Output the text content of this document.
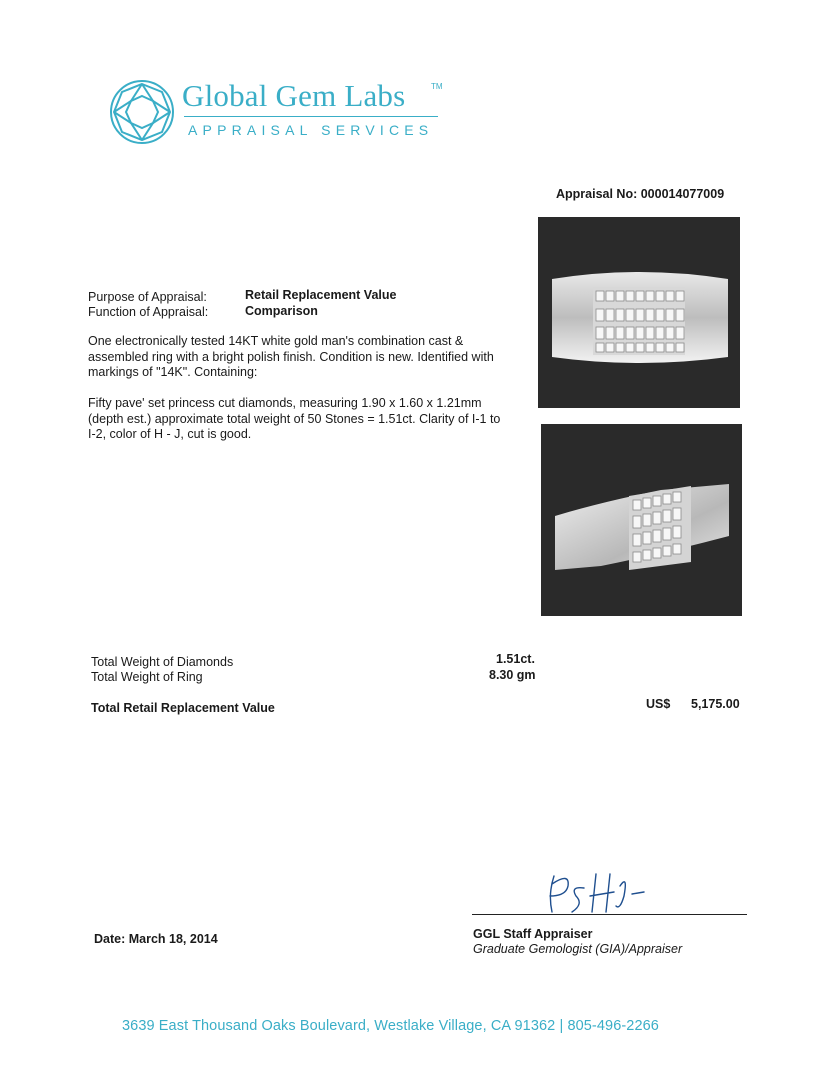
Global Gem Labs	TM
APPRAISAL SERVICES
Appraisal No: 000014077009
Purpose of Appraisal:	Retail Replacement Value
Function of Appraisal:	Comparison
One electronically tested 14KT white gold man's combination cast & assembled ring with a bright polish finish. Condition is new. Identified with markings of "14K". Containing:
Fifty pave' set princess cut diamonds, measuring 1.90 x 1.60 x 1.21mm (depth est.) approximate total weight of 50 Stones = 1.51ct. Clarity of I-1 to I-2, color of H - J, cut is good.
Total Weight of Diamonds	1.51ct.
Total Weight of Ring	8.30 gm
Total Retail Replacement Value	US$ 5,175.00
Date: March 18, 2014	GGL Staff Appraiser
Graduate Gemologist (GIA)/Appraiser
3639 East Thousand Oaks Boulevard, Westlake Village, CA 91362 | 805-496-2266
